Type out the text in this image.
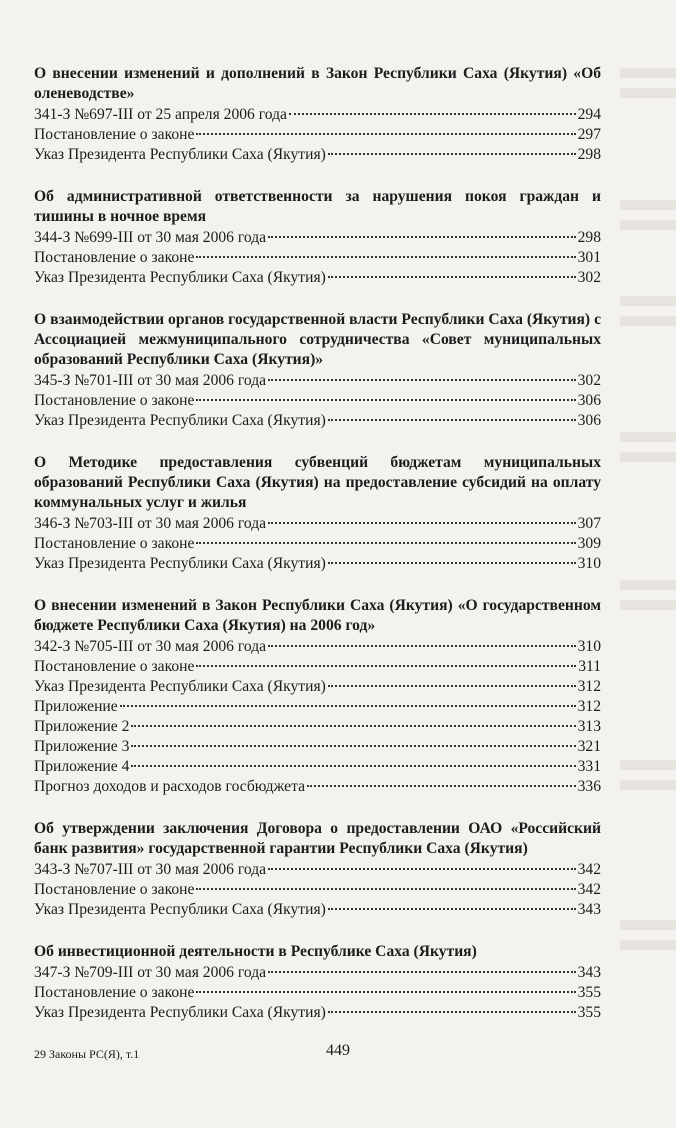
О внесении изменений и дополнений в Закон Республики Саха (Якутия) «Об оленеводстве»
341-З №697-III от 25 апреля 2006 года	294
Постановление о законе	297
Указ Президента Республики Саха (Якутия)	298
Об административной ответственности за нарушения покоя граждан и тишины в ночное время
344-З №699-III от 30 мая 2006 года	298
Постановление о законе	301
Указ Президента Республики Саха (Якутия)	302
О взаимодействии органов государственной власти Республики Саха (Якутия) с Ассоциацией межмуниципального сотрудничества «Совет муниципальных образований Республики Саха (Якутия)»
345-З №701-III от 30 мая 2006 года	302
Постановление о законе	306
Указ Президента Республики Саха (Якутия)	306
О Методике предоставления субвенций бюджетам муниципальных образований Республики Саха (Якутия) на предоставление субсидий на оплату коммунальных услуг и жилья
346-З №703-III от 30 мая 2006 года	307
Постановление о законе	309
Указ Президента Республики Саха (Якутия)	310
О внесении изменений в Закон Республики Саха (Якутия) «О государственном бюджете Республики Саха (Якутия) на 2006 год»
342-З №705-III от 30 мая 2006 года	310
Постановление о законе	311
Указ Президента Республики Саха (Якутия)	312
Приложение	312
Приложение 2	313
Приложение 3	321
Приложение 4	331
Прогноз доходов и расходов госбюджета	336
Об утверждении заключения Договора о предоставлении ОАО «Российский банк развития» государственной гарантии Республики Саха (Якутия)
343-З №707-III от 30 мая 2006 года	342
Постановление о законе	342
Указ Президента Республики Саха (Якутия)	343
Об инвестиционной деятельности в Республике Саха (Якутия)
347-З №709-III от 30 мая 2006 года	343
Постановление о законе	355
Указ Президента Республики Саха (Якутия)	355
29 Законы РС(Я), т.1	449
